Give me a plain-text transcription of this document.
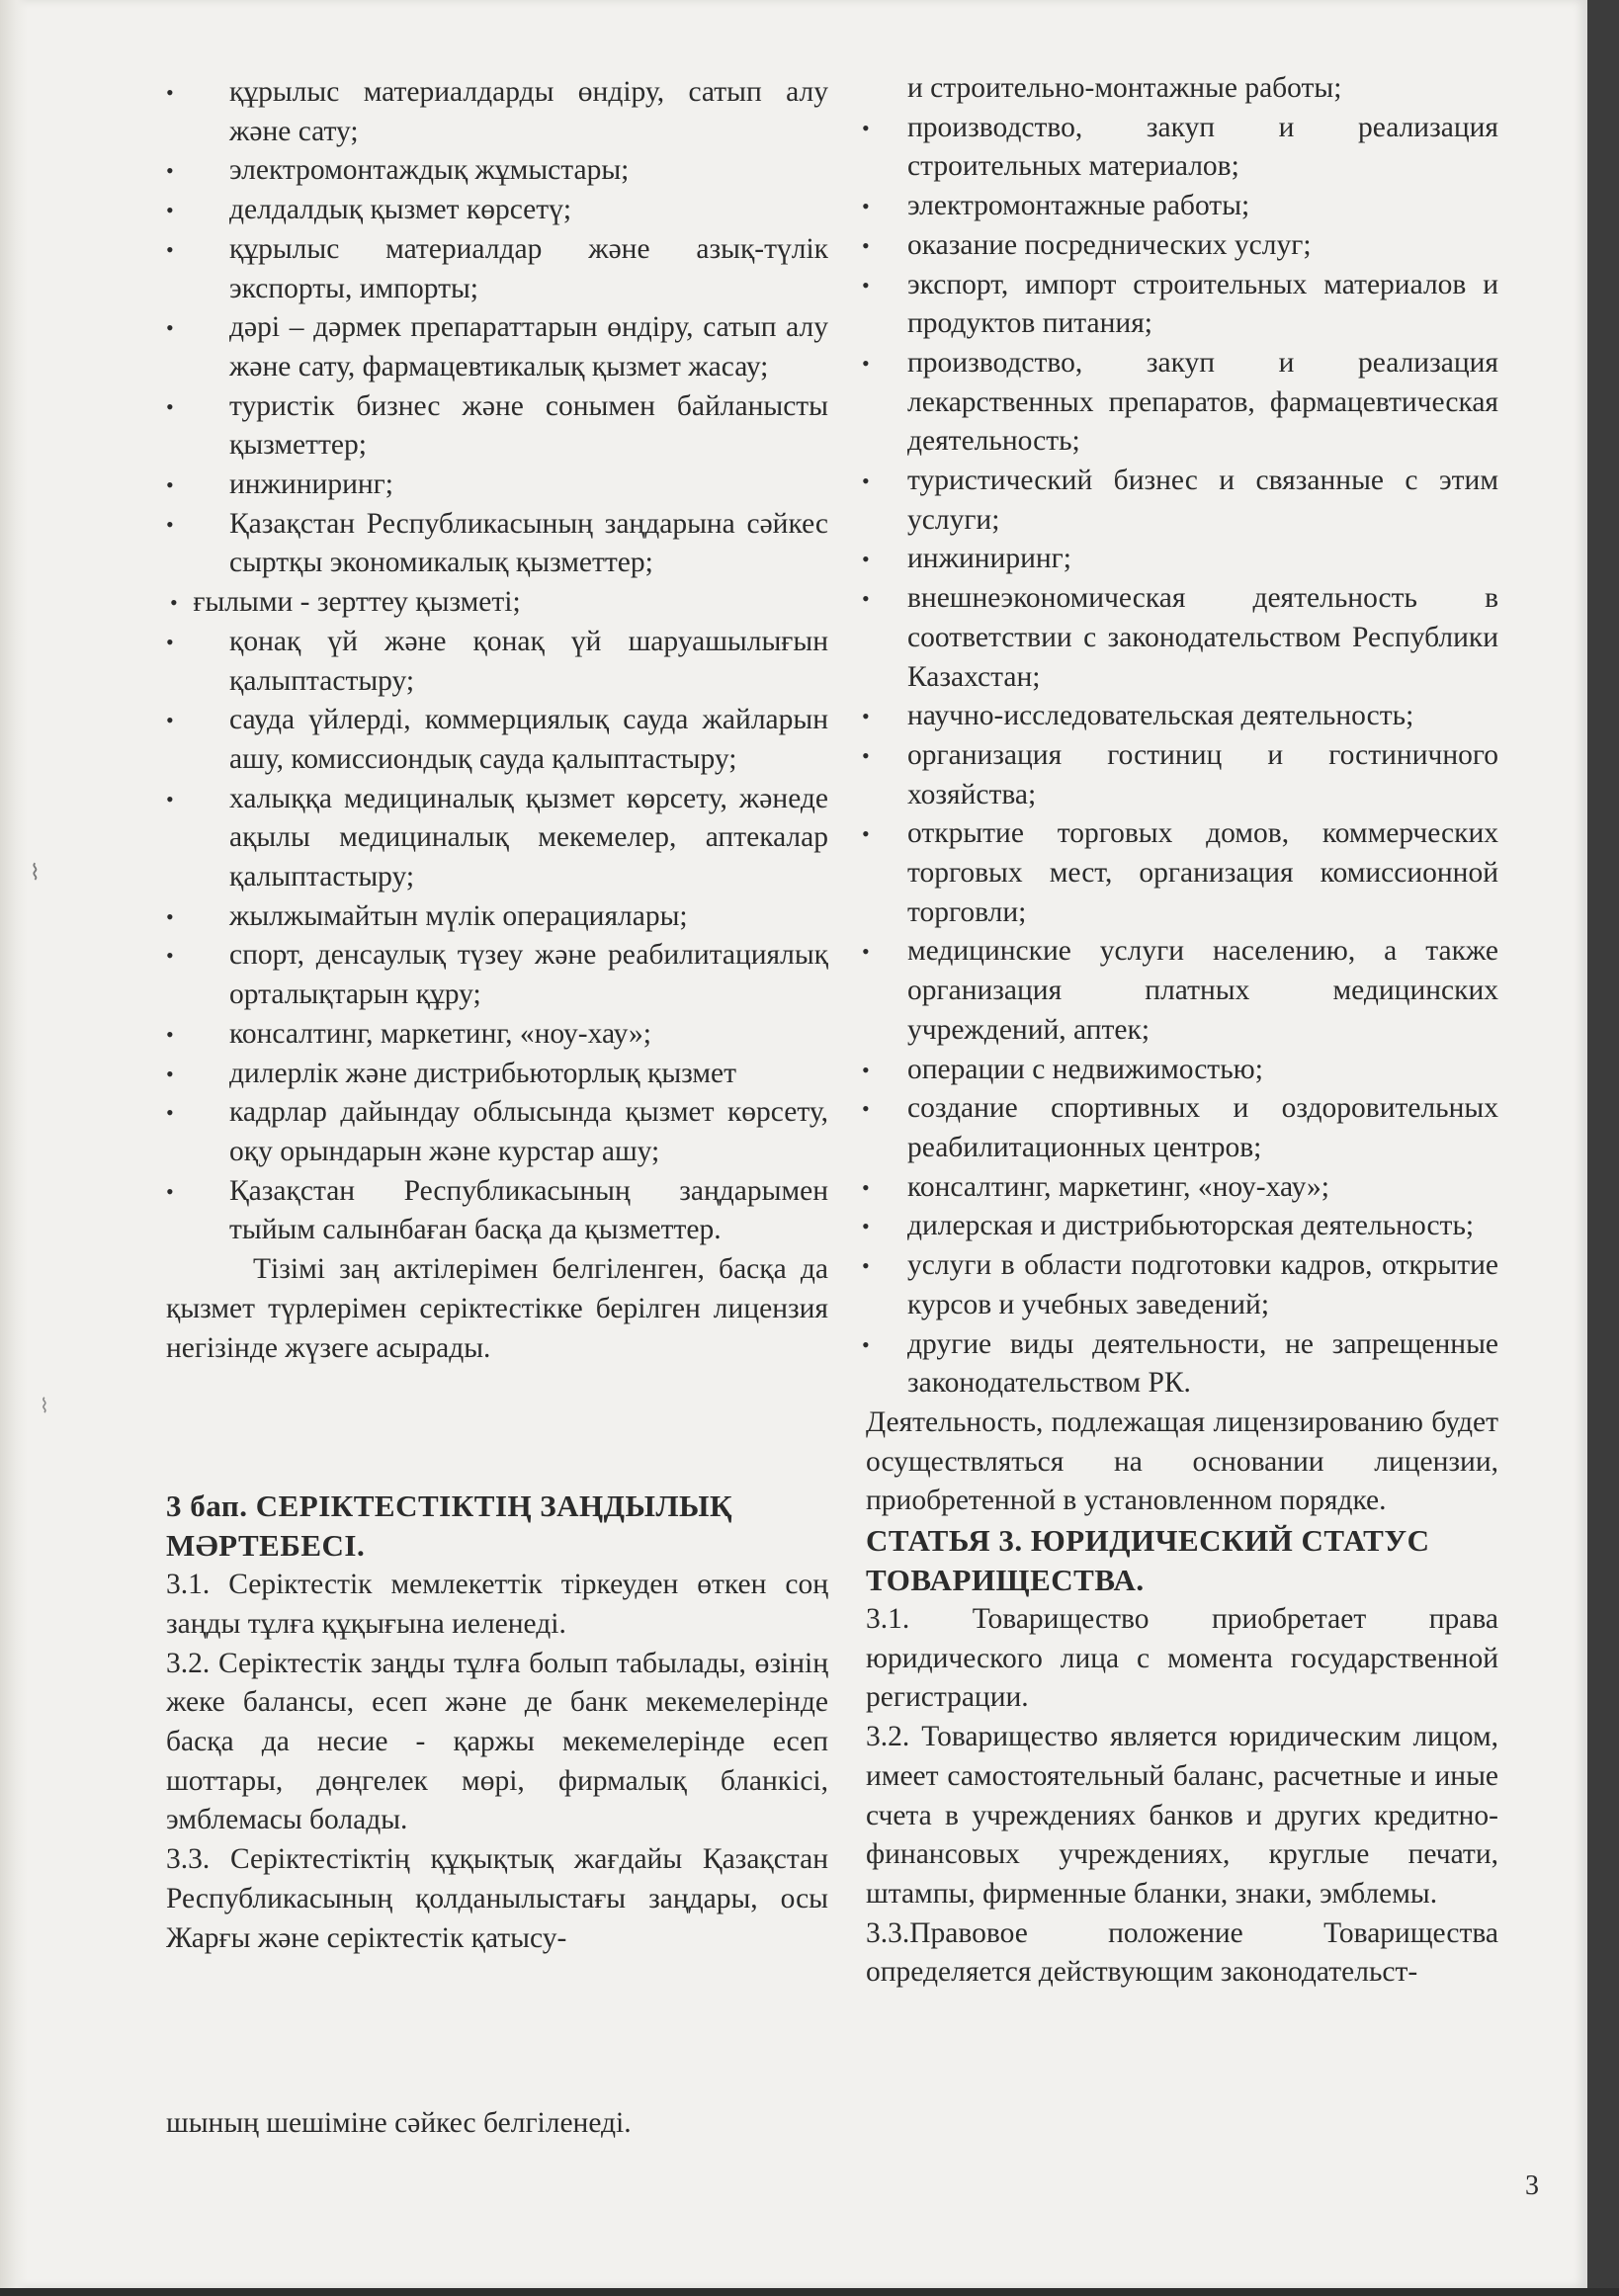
⌇
⌇
• құрылыс материалдарды өндіру, сатып алу және сату;
• электромонтаждық жұмыстары;
• делдалдық қызмет көрсетү;
• құрылыс материалдар және азық-түлік экспорты, импорты;
• дәрі – дәрмек препараттарын өндіру, сатып алу және сату, фармацевтикалық қызмет жасау;
• туристік бизнес және сонымен байланысты қызметтер;
• инжиниринг;
• Қазақстан Республикасының заңдарына сәйкес сыртқы экономикалық қызметтер;
• ғылыми - зерттеу қызметі;
• қонақ үй және қонақ үй шаруашылығын қалыптастыру;
• сауда үйлерді, коммерциялық сауда жайларын ашу, комиссиондық сауда қалыптастыру;
• халыққа медициналық қызмет көрсету, жәнеде ақылы медициналық мекемелер, аптекалар қалыптастыру;
• жылжымайтын мүлік операциялары;
• спорт, денсаулық түзеу және реабилитациялық орталықтарын құру;
• консалтинг, маркетинг, «ноу-хау»;
• дилерлік және дистрибьюторлық қызмет
• кадрлар дайындау облысында қызмет көрсету, оқу орындарын және курстар ашу;
• Қазақстан Республикасының заңдарымен тыйым салынбаған басқа да қызметтер.
Тізімі заң актілерімен белгіленген, басқа да қызмет түрлерімен серіктестікке берілген лицензия негізінде жүзеге асырады.
3 бап. СЕРІКТЕСТІКТІҢ ЗАҢДЫЛЫҚ МӘРТЕБЕСІ.
3.1. Серіктестік мемлекеттік тіркеуден өткен соң заңды тұлға құқығына иеленеді.
3.2. Серіктестік заңды тұлға болып табылады, өзінің жеке балансы, есеп және де банк мекемелерінде басқа да несие - қаржы мекемелерінде есеп шоттары, дөңгелек мөрі, фирмалық бланкісі, эмблемасы болады.
3.3. Серіктестіктің құқықтық жағдайы Қазақстан Республикасының қолданылыстағы заңдары, осы Жарғы және серіктестік қатысу-
шының шешіміне сәйкес белгіленеді.
и строительно-монтажные работы;
•	производство, закуп и реализация строительных материалов;
•	электромонтажные работы;
•	оказание посреднических услуг;
•	экспорт, импорт строительных материалов и продуктов питания;
•	производство, закуп и реализация лекарственных препаратов, фармацевтическая деятельность;
•	туристический бизнес и связанные с этим услуги;
•	инжиниринг;
•	внешнеэкономическая деятельность в соответствии с законодательством Республики Казахстан;
•	научно-исследовательская деятельность;
•	организация гостиниц и гостиничного хозяйства;
•	открытие торговых домов, коммерческих торговых мест, организация комиссионной торговли;
•	медицинские услуги населению, а также организация платных медицинских учреждений, аптек;
•	операции с недвижимостью;
•	создание спортивных и оздоровительных реабилитационных центров;
•	консалтинг, маркетинг, «ноу-хау»;
•	дилерская и дистрибьюторская деятельность;
•	услуги в области подготовки кадров, открытие курсов и учебных заведений;
•	другие виды деятельности, не запрещенные законодательством РК.
Деятельность, подлежащая лицензированию будет осуществляться на основании лицензии, приобретенной в установленном порядке.
СТАТЬЯ 3. ЮРИДИЧЕСКИЙ СТАТУС ТОВАРИЩЕСТВА.
3.1. Товарищество приобретает права юридического лица с момента государственной регистрации.
3.2. Товарищество является юридическим лицом, имеет самостоятельный баланс, расчетные и иные счета в учреждениях банков и других кредитно-финансовых учреждениях, круглые печати, штампы, фирменные бланки, знаки, эмблемы.
3.3.Правовое положение Товарищества определяется действующим законодательст-
3
